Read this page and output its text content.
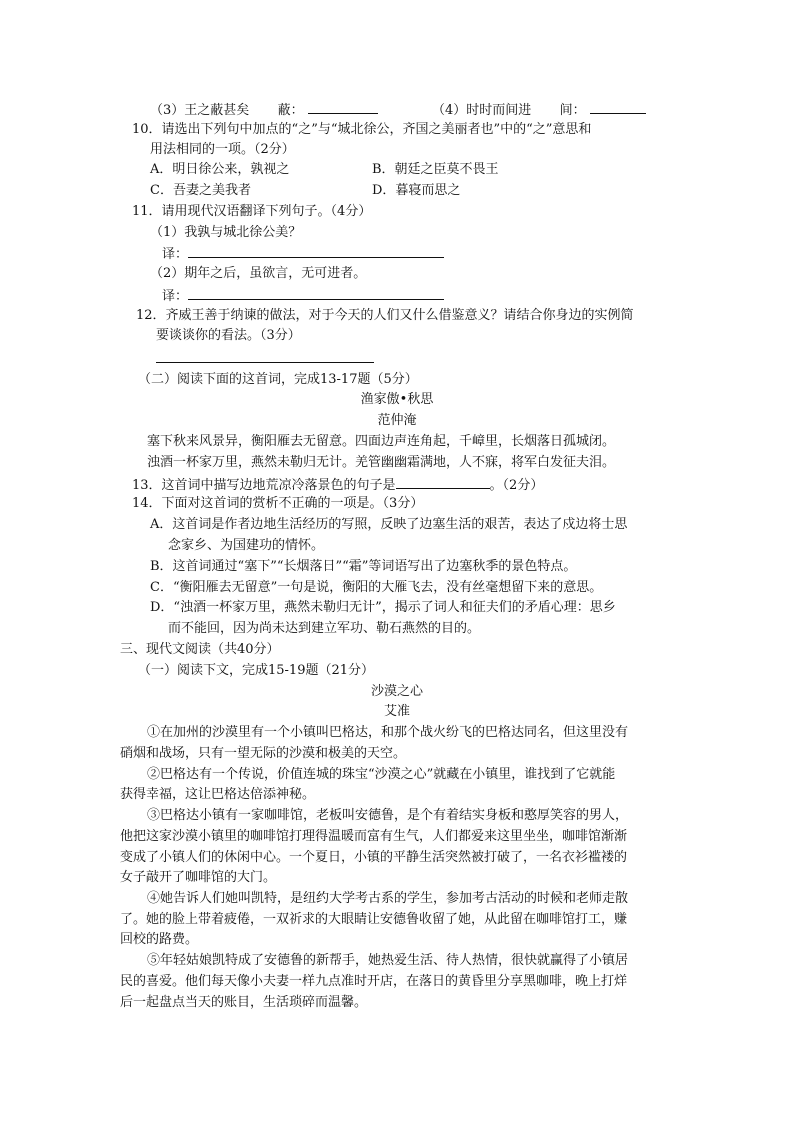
（3）王之蔽甚矣 蔽：	（4）时时而间进 间：
10．请选出下列句中加点的“之”与“城北徐公，齐国之美丽者也”中的“之”意思和
用法相同的一项。（2分）
A．明日徐公来，孰视之	B．朝廷之臣莫不畏王
C．吾妻之美我者	D．暮寝而思之
11．请用现代汉语翻译下列句子。（4分）
（1）我孰与城北徐公美？
译：
（2）期年之后，虽欲言，无可进者。
译：
12．齐威王善于纳谏的做法，对于今天的人们又什么借鉴意义？请结合你身边的实例简
要谈谈你的看法。（3分）
（二）阅读下面的这首词，完成13-17题（5分）
渔家傲•秋思
范仲淹
塞下秋来风景异，衡阳雁去无留意。四面边声连角起，千嶂里，长烟落日孤城闭。
浊酒一杯家万里，燕然未勒归无计。羌管幽幽霜满地，人不寐，将军白发征夫泪。
13．这首词中描写边地荒凉冷落景色的句子是	。（2分）
14．下面对这首词的赏析不正确的一项是。（3分）
A．这首词是作者边地生活经历的写照，反映了边塞生活的艰苦，表达了戍边将士思
念家乡、为国建功的情怀。
B．这首词通过“塞下”“长烟落日”“霜”等词语写出了边塞秋季的景色特点。
C．“衡阳雁去无留意”一句是说，衡阳的大雁飞去，没有丝毫想留下来的意思。
D．“浊酒一杯家万里，燕然未勒归无计”，揭示了词人和征夫们的矛盾心理：思乡
而不能回，因为尚未达到建立军功、勒石燕然的目的。
三、现代文阅读（共40分）
（一）阅读下文，完成15-19题（21分）
沙漠之心
艾准
①在加州的沙漠里有一个小镇叫巴格达，和那个战火纷飞的巴格达同名，但这里没有
硝烟和战场，只有一望无际的沙漠和极美的天空。
②巴格达有一个传说，价值连城的珠宝“沙漠之心”就藏在小镇里，谁找到了它就能
获得幸福，这让巴格达倍添神秘。
③巴格达小镇有一家咖啡馆，老板叫安德鲁，是个有着结实身板和憨厚笑容的男人，
他把这家沙漠小镇里的咖啡馆打理得温暖而富有生气，人们都爱来这里坐坐，咖啡馆渐渐
变成了小镇人们的休闲中心。一个夏日，小镇的平静生活突然被打破了，一名衣衫褴褛的
女子敲开了咖啡馆的大门。
④她告诉人们她叫凯特，是纽约大学考古系的学生，参加考古活动的时候和老师走散
了。她的脸上带着疲倦，一双祈求的大眼睛让安德鲁收留了她，从此留在咖啡馆打工，赚
回校的路费。
⑤年轻姑娘凯特成了安德鲁的新帮手，她热爱生活、待人热情，很快就赢得了小镇居
民的喜爱。他们每天像小夫妻一样九点准时开店，在落日的黄昏里分享黑咖啡，晚上打烊
后一起盘点当天的账目，生活琐碎而温馨。
